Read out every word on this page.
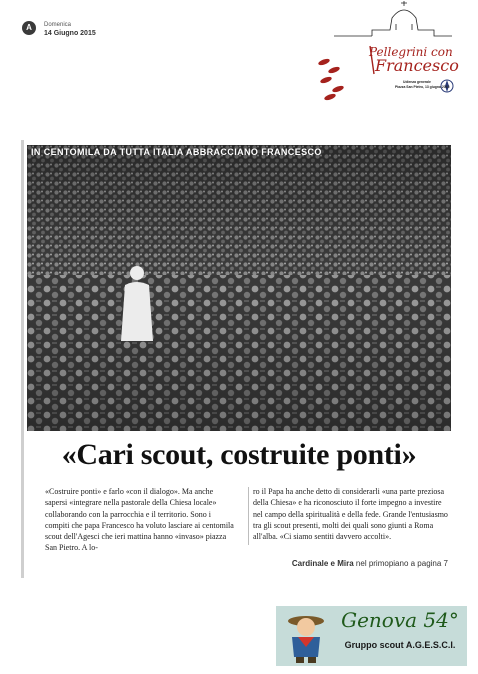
A	Domenica
14 Giugno 2015
Pellegrini con
Francesco
Udienza generale
Piazza San Pietro, 13 giugno 2015
IN CENTOMILA DA TUTTA ITALIA ABBRACCIANO FRANCESCO
«Cari scout, costruite ponti»
«Costruire ponti» e farlo «con il dialogo». Ma anche sapersi «integrare nella pastorale della Chiesa locale» collaborando con la parrocchia e il territorio. Sono i compiti che papa Francesco ha voluto lasciare ai centomila scout dell'Agesci che ieri mattina hanno «invaso» piazza San Pietro. A lo-
ro il Papa ha anche detto di considerarli «una parte preziosa della Chiesa» e ha riconosciuto il forte impegno a investire nel campo della spiritualità e della fede. Grande l'entusiasmo tra gli scout presenti, molti dei quali sono giunti a Roma all'alba. «Ci siamo sentiti davvero accolti».
Cardinale e Mira nel primopiano a pagina 7
Genova 54°
Gruppo scout A.G.E.S.C.I.
